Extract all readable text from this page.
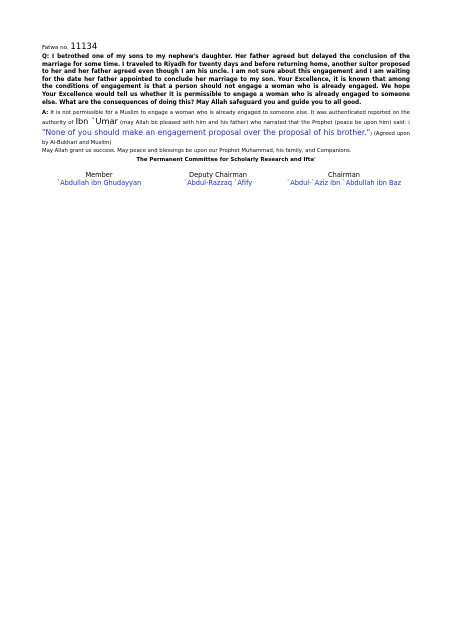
Fatwa no. 11134
Q: I betrothed one of my sons to my nephew's daughter. Her father agreed but delayed the conclusion of the marriage for some time. I traveled to Riyadh for twenty days and before returning home, another suitor proposed to her and her father agreed even though I am his uncle. I am not sure about this engagement and I am waiting for the date her father appointed to conclude her marriage to my son. Your Excellence, it is known that among the conditions of engagement is that a person should not engage a woman who is already engaged. We hope Your Excellence would tell us whether it is permissible to engage a woman who is already engaged to someone else. What are the consequences of doing this? May Allah safeguard you and guide you to all good.
A: It is not permissible for a Muslim to engage a woman who is already engaged to someone else. It was authenticated reported on the authority of Ibn `Umar (may Allah be pleased with him and his father) who narrated that the Prophet (peace be upon him) said: ( "None of you should make an engagement proposal over the proposal of his brother.") (Agreed upon by Al-Bukhari and Muslim)
May Allah grant us success. May peace and blessings be upon our Prophet Muhammad, his family, and Companions.
The Permanent Committee for Scholarly Research and Ifta'
Member
`Abdullah ibn Ghudayyan
Deputy Chairman
`Abdul-Razzaq `Afify
Chairman
`Abdul-`Aziz ibn `Abdullah ibn Baz
